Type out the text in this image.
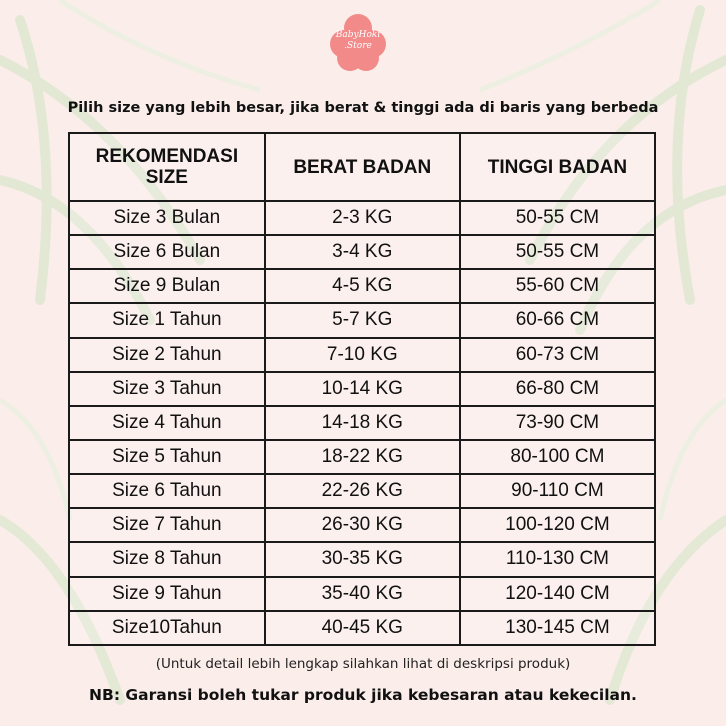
BabyHoki
.Store
Pilih size yang lebih besar, jika berat & tinggi ada di baris yang berbeda
REKOMENDASI SIZE	BERAT BADAN	TINGGI BADAN
Size 3 Bulan	2-3 KG	50-55 CM
Size 6 Bulan	3-4 KG	50-55 CM
Size 9 Bulan	4-5 KG	55-60 CM
Size 1 Tahun	5-7 KG	60-66 CM
Size 2 Tahun	7-10 KG	60-73 CM
Size 3 Tahun	10-14 KG	66-80 CM
Size 4 Tahun	14-18 KG	73-90 CM
Size 5 Tahun	18-22 KG	80-100 CM
Size 6 Tahun	22-26 KG	90-110 CM
Size 7 Tahun	26-30 KG	100-120 CM
Size 8 Tahun	30-35 KG	110-130 CM
Size 9 Tahun	35-40 KG	120-140 CM
Size10Tahun	40-45 KG	130-145 CM
(Untuk detail lebih lengkap silahkan lihat di deskripsi produk)
NB: Garansi boleh tukar produk jika kebesaran atau kekecilan.
